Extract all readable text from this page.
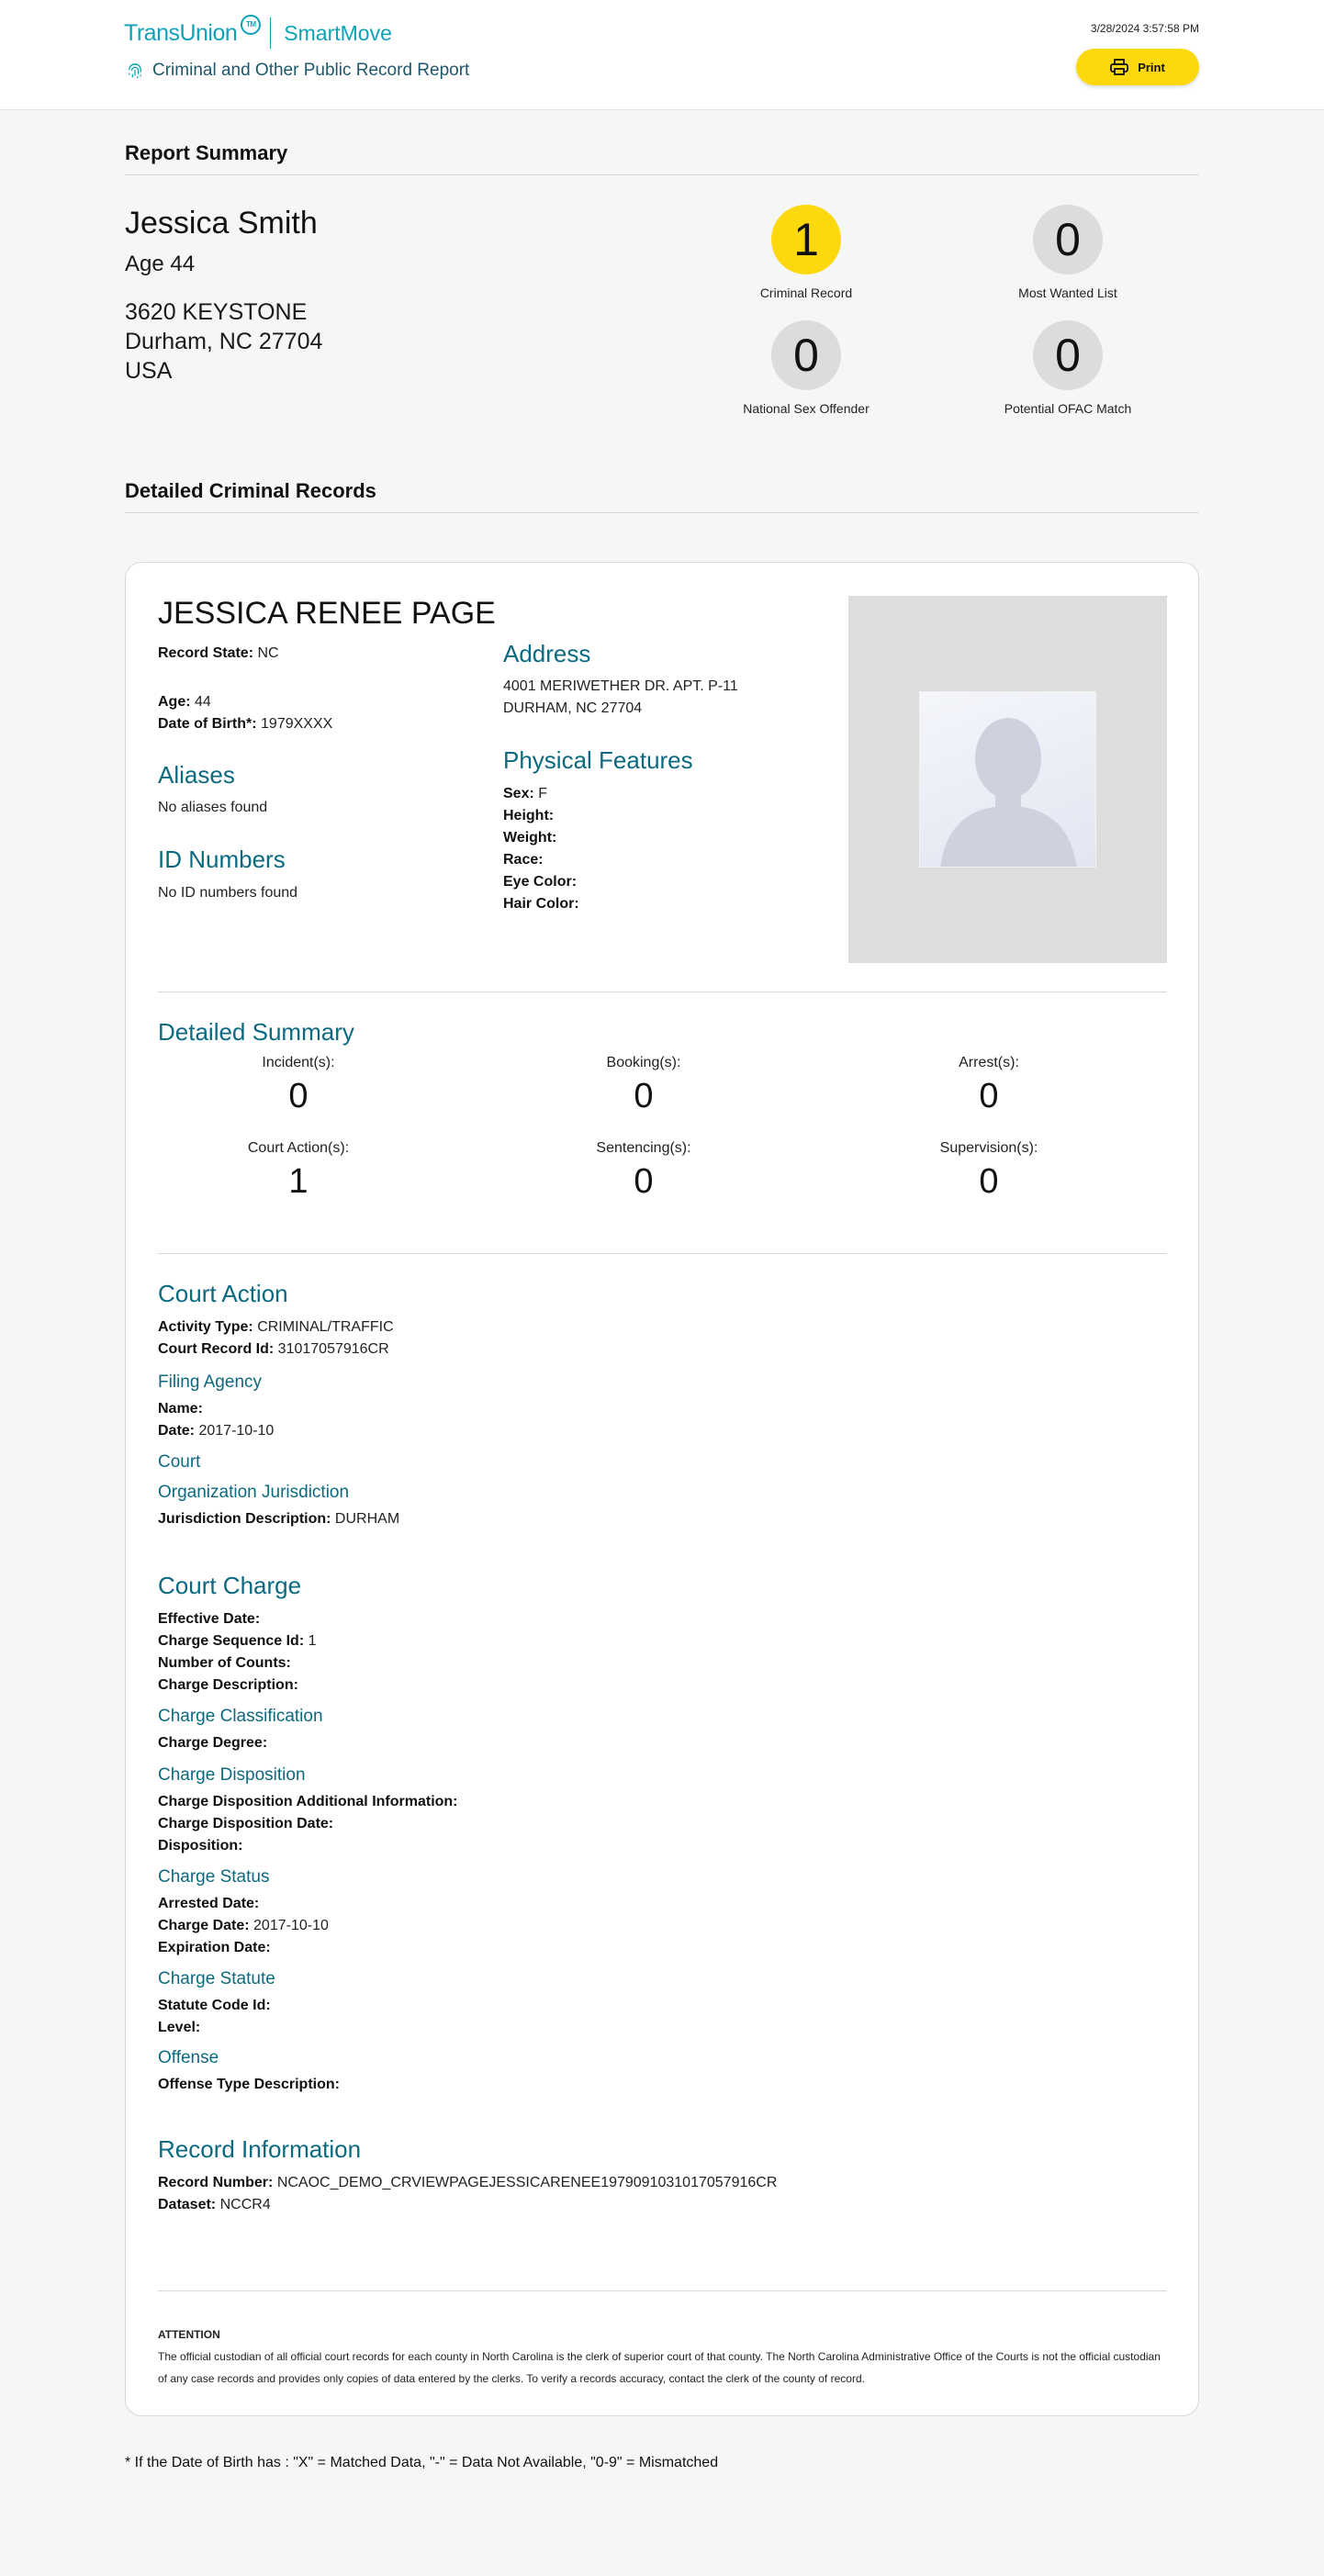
TransUnion	TM SmartMove
Criminal and Other Public Record Report
3/28/2024 3:57:58 PM
Print
Report Summary
Jessica Smith
Age 44
3620 KEYSTONE
Durham, NC 27704
USA
1
Criminal Record
0
Most Wanted List
0
National Sex Offender
0
Potential OFAC Match
Detailed Criminal Records
JESSICA RENEE PAGE
Record State: NC
Age: 44
Date of Birth*: 1979XXXX
Aliases
No aliases found
ID Numbers
No ID numbers found
Address
4001 MERIWETHER DR. APT. P-11
DURHAM, NC 27704
Physical Features
Sex: F
Height:
Weight:
Race:
Eye Color:
Hair Color:
Detailed Summary
Incident(s):
0
Booking(s):
0
Arrest(s):
0
Court Action(s):
1
Sentencing(s):
0
Supervision(s):
0
Court Action
Activity Type: CRIMINAL/TRAFFIC
Court Record Id: 31017057916CR
Filing Agency
Name:
Date: 2017-10-10
Court
Organization Jurisdiction
Jurisdiction Description: DURHAM
Court Charge
Effective Date:
Charge Sequence Id: 1
Number of Counts:
Charge Description:
Charge Classification
Charge Degree:
Charge Disposition
Charge Disposition Additional Information:
Charge Disposition Date:
Disposition:
Charge Status
Arrested Date:
Charge Date: 2017-10-10
Expiration Date:
Charge Statute
Statute Code Id:
Level:
Offense
Offense Type Description:
Record Information
Record Number: NCAOC_DEMO_CRVIEWPAGEJESSICARENEE1979091031017057916CR
Dataset: NCCR4
ATTENTION
The official custodian of all official court records for each county in North Carolina is the clerk of superior court of that county. The North Carolina Administrative Office of the Courts is not the official custodian of any case records and provides only copies of data entered by the clerks. To verify a records accuracy, contact the clerk of the county of record.
* If the Date of Birth has : "X" = Matched Data, "-" = Data Not Available, "0-9" = Mismatched
